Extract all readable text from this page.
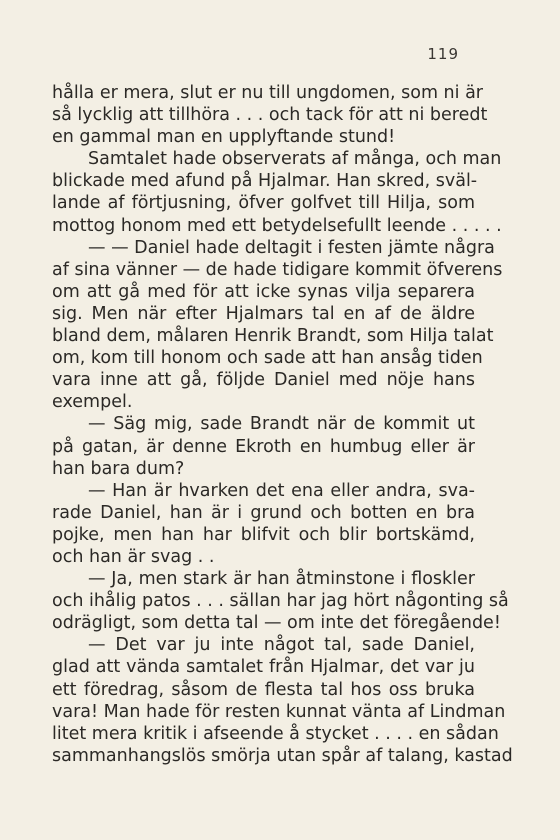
119
hålla er mera, slut er nu till ungdomen, som ni är
så lycklig att tillhöra . . . och tack för att ni beredt
en gammal man en upplyftande stund!
Samtalet hade observerats af många, och man
blickade med afund på Hjalmar. Han skred, sväl-
lande af förtjusning, öfver golfvet till Hilja, som
mottog honom med ett betydelsefullt leende . . . . .
— — Daniel hade deltagit i festen jämte några
af sina vänner — de hade tidigare kommit öfverens
om att gå med för att icke synas vilja separera
sig. Men när efter Hjalmars tal en af de äldre
bland dem, målaren Henrik Brandt, som Hilja talat
om, kom till honom och sade att han ansåg tiden
vara inne att gå, följde Daniel med nöje hans
exempel.
— Säg mig, sade Brandt när de kommit ut
på gatan, är denne Ekroth en humbug eller är
han bara dum?
— Han är hvarken det ena eller andra, sva-
rade Daniel, han är i grund och botten en bra
pojke, men han har blifvit och blir bortskämd,
och han är svag . .
— Ja, men stark är han åtminstone i floskler
och ihålig patos . . . sällan har jag hört någonting så
odrägligt, som detta tal — om inte det föregående!
— Det var ju inte något tal, sade Daniel,
glad att vända samtalet från Hjalmar, det var ju
ett föredrag, såsom de flesta tal hos oss bruka
vara! Man hade för resten kunnat vänta af Lindman
litet mera kritik i afseende å stycket . . . . en sådan
sammanhangslös smörja utan spår af talang, kastad
